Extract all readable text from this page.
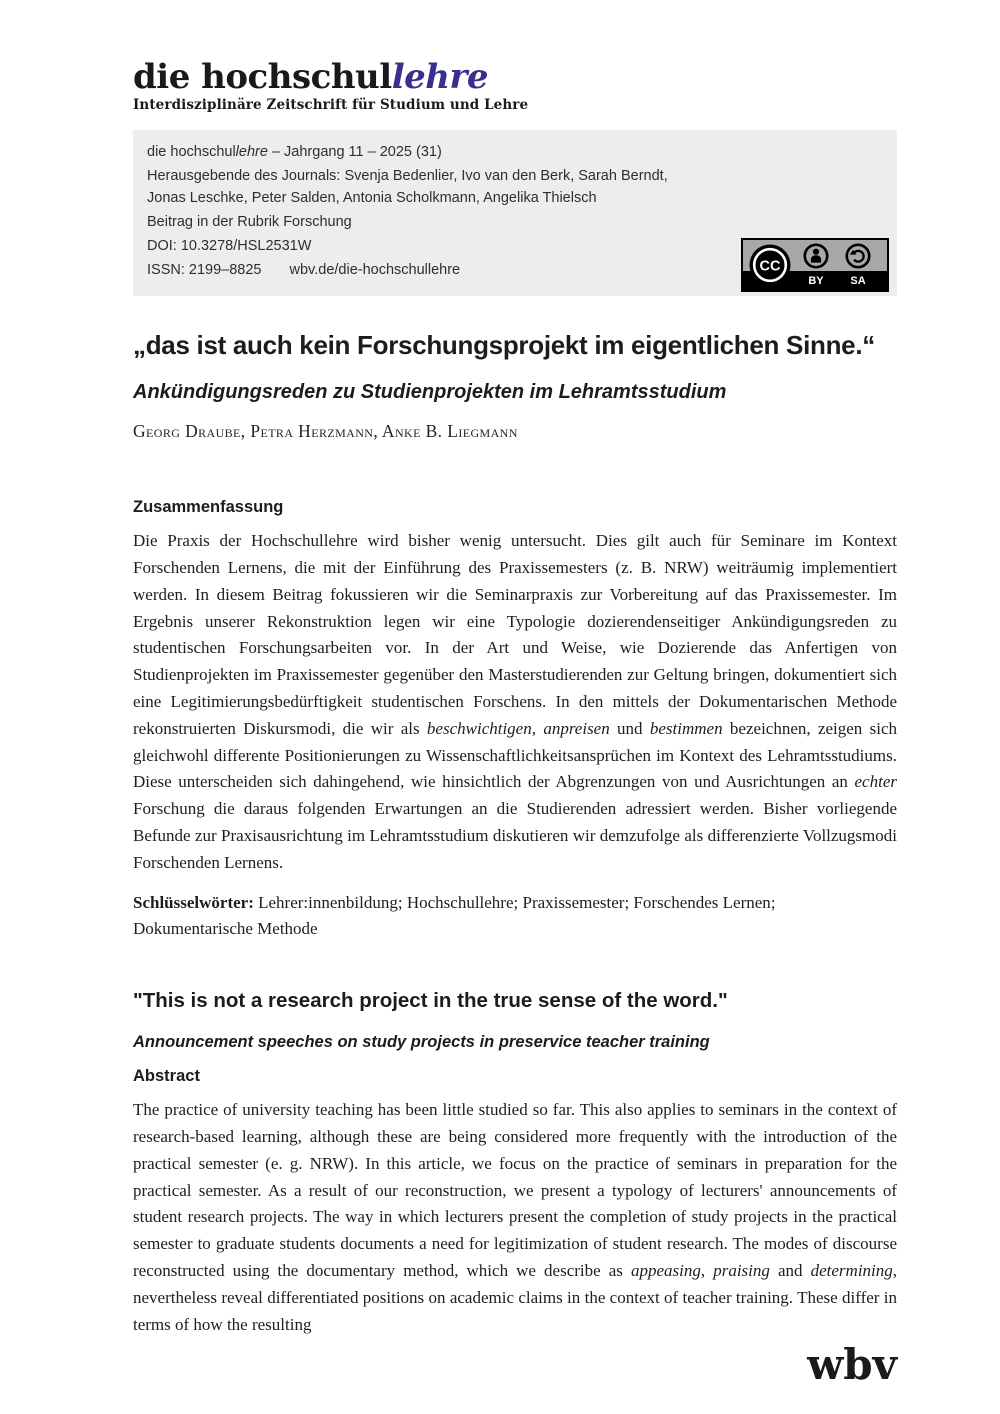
die hochschullehre
Interdisziplinäre Zeitschrift für Studium und Lehre

die hochschullehre – Jahrgang 11 – 2025 (31)

Herausgebende des Journals: Svenja Bedenlier, Ivo van den Berk, Sarah Berndt,
Jonas Leschke, Peter Salden, Antonia Scholkmann, Angelika Thielsch

Beitrag in der Rubrik Forschung

DOI: 10.3278/HSL2531W

ISSN: 2199–8825 wbv.de/die-hochschullehre	CC
BY	SA
„das ist auch kein Forschungsprojekt im eigentlichen Sinne.“
Ankündigungsreden zu Studienprojekten im Lehramtsstudium
Georg Draube, Petra Herzmann, Anke B. Liegmann
Zusammenfassung

Die Praxis der Hochschullehre wird bisher wenig untersucht. Dies gilt auch für Seminare im Kontext Forschenden Lernens, die mit der Einführung des Praxissemesters (z. B. NRW) weiträumig implementiert werden. In diesem Beitrag fokussieren wir die Seminarpraxis zur Vorbereitung auf das Praxissemester. Im Ergebnis unserer Rekonstruktion legen wir eine Typologie dozierendenseitiger Ankündigungsreden zu studentischen Forschungsarbeiten vor. In der Art und Weise, wie Dozierende das Anfertigen von Studienprojekten im Praxissemester gegenüber den Masterstudierenden zur Geltung bringen, dokumentiert sich eine Legitimierungsbedürftigkeit studentischen Forschens. In den mittels der Dokumentarischen Methode rekonstruierten Diskursmodi, die wir als beschwichtigen, anpreisen und bestimmen bezeichnen, zeigen sich gleichwohl differente Positionierungen zu Wissenschaftlichkeitsansprüchen im Kontext des Lehramtsstudiums. Diese unterscheiden sich dahingehend, wie hinsichtlich der Abgrenzungen von und Ausrichtungen an echter Forschung die daraus folgenden Erwartungen an die Studierenden adressiert werden. Bisher vorliegende Befunde zur Praxisausrichtung im Lehramtsstudium diskutieren wir demzufolge als differenzierte Vollzugsmodi Forschenden Lernens.

Schlüsselwörter: Lehrer:innenbildung; Hochschullehre; Praxissemester; Forschendes Lernen; Dokumentarische Methode

"This is not a research project in the true sense of the word."
Announcement speeches on study projects in preservice teacher training
Abstract

The practice of university teaching has been little studied so far. This also applies to seminars in the context of research-based learning, although these are being considered more frequently with the introduction of the practical semester (e. g. NRW). In this article, we focus on the practice of seminars in preparation for the practical semester. As a result of our reconstruction, we present a typology of lecturers' announcements of student research projects. The way in which lecturers present the completion of study projects in the practical semester to graduate students documents a need for legitimization of student research. The modes of discourse reconstructed using the documentary method, which we describe as appeasing, praising and determining, nevertheless reveal differentiated positions on academic claims in the context of teacher training. These differ in terms of how the resulting

wbv
